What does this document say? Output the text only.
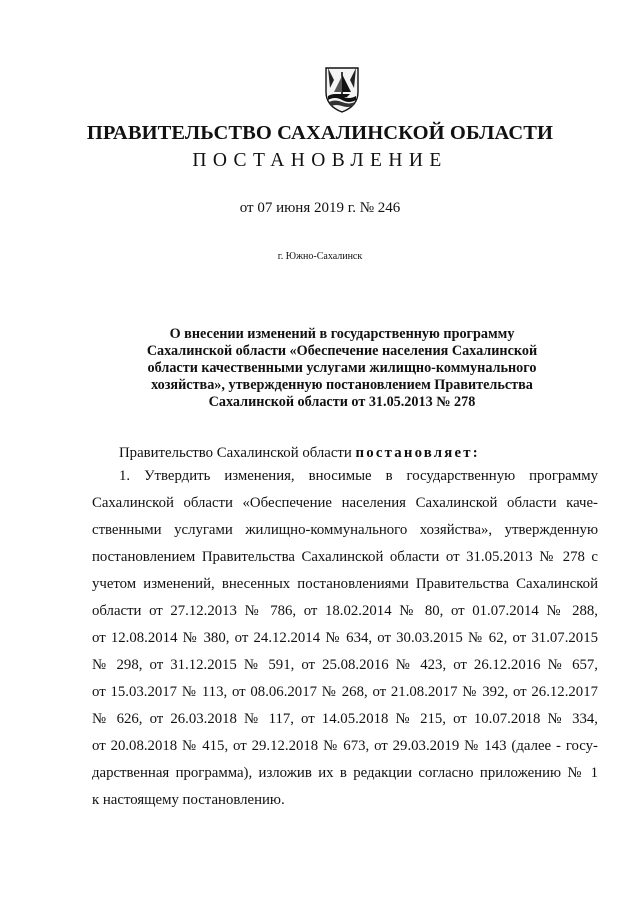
ПРАВИТЕЛЬСТВО САХАЛИНСКОЙ ОБЛАСТИ
ПОСТАНОВЛЕНИЕ
от 07 июня 2019 г. № 246
г. Южно-Сахалинск
О внесении изменений в государственную программу
Сахалинской области «Обеспечение населения Сахалинской
области качественными услугами жилищно-коммунального
хозяйства», утвержденную постановлением Правительства
Сахалинской области от 31.05.2013 № 278
Правительство Сахалинской области постановляет:
1. Утвердить изменения, вносимые в государственную программу
Сахалинской области «Обеспечение населения Сахалинской области каче-
ственными услугами жилищно-коммунального хозяйства», утвержденную
постановлением Правительства Сахалинской области от 31.05.2013 № 278 с
учетом изменений, внесенных постановлениями Правительства Сахалинской
области от 27.12.2013 № 786, от 18.02.2014 № 80, от 01.07.2014 № 288,
от 12.08.2014 № 380, от 24.12.2014 № 634, от 30.03.2015 № 62, от 31.07.2015
№ 298, от 31.12.2015 № 591, от 25.08.2016 № 423, от 26.12.2016 № 657,
от 15.03.2017 № 113, от 08.06.2017 № 268, от 21.08.2017 № 392, от 26.12.2017
№ 626, от 26.03.2018 № 117, от 14.05.2018 № 215, от 10.07.2018 № 334,
от 20.08.2018 № 415, от 29.12.2018 № 673, от 29.03.2019 № 143 (далее - госу-
дарственная программа), изложив их в редакции согласно приложению № 1
к настоящему постановлению.
